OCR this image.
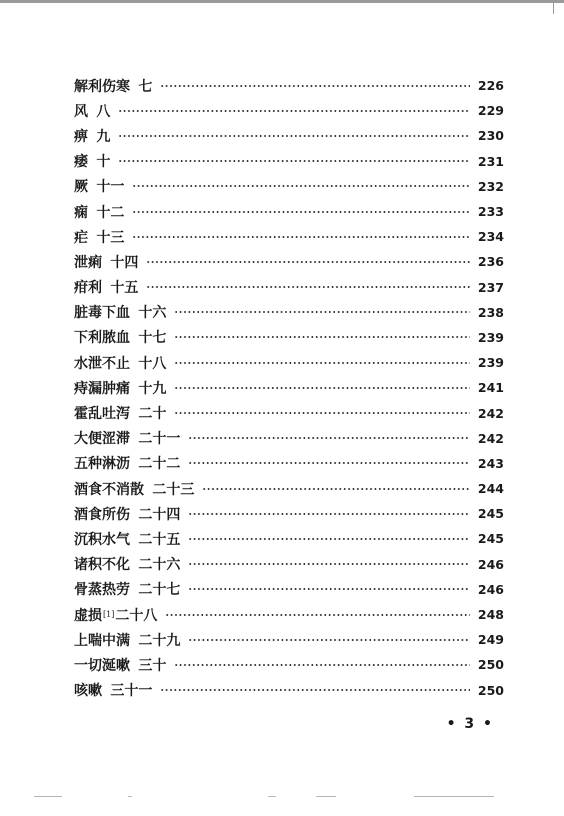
解利伤寒 七	226
风 八	229
痹 九	230
痿 十	231
厥 十一	232
痫 十二	233
疟 十三	234
泄痢 十四	236
疳利 十五	237
脏毒下血 十六	238
下利脓血 十七	239
水泄不止 十八	239
痔漏肿痛 十九	241
霍乱吐泻 二十	242
大便涩滞 二十一	242
五种淋沥 二十二	243
酒食不消散 二十三	244
酒食所伤 二十四	245
沉积水气 二十五	245
诸积不化 二十六	246
骨蒸热劳 二十七	246
虚损 [1] 二十八	248
上喘中满 二十九	249
一切涎嗽 三十	250
咳嗽 三十一	250
• 3 •
